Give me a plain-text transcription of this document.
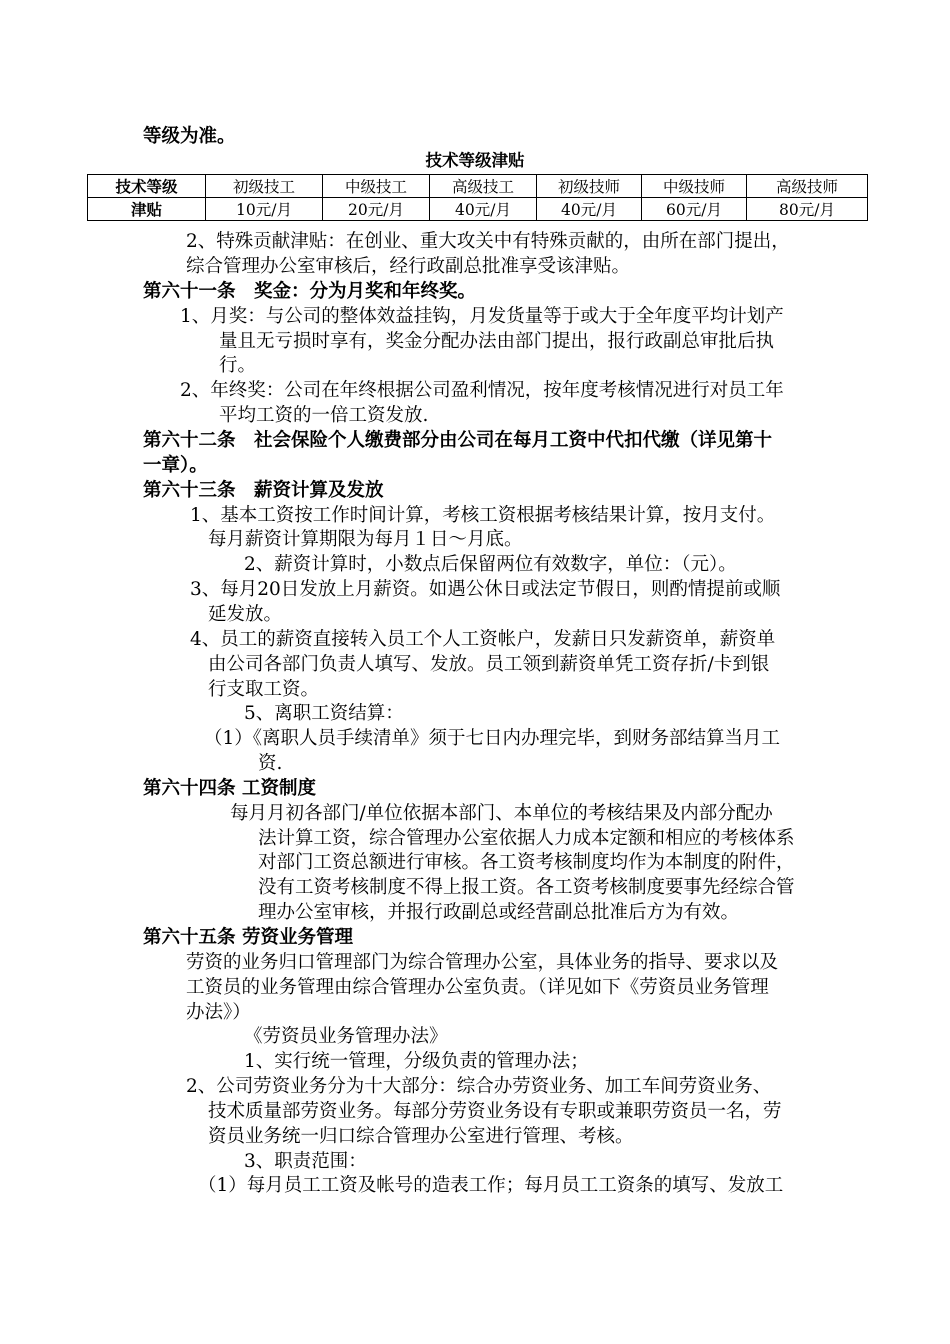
等级为准。
技术等级津贴
技术等级	初级技工	中级技工	高级技工	初级技师	中级技师	高级技师
津贴	10元/月	20元/月	40元/月	40元/月	60元/月	80元/月
2、特殊贡献津贴：在创业、重大攻关中有特殊贡献的，由所在部门提出，
综合管理办公室审核后，经行政副总批准享受该津贴。
第六十一条　奖金：分为月奖和年终奖。
1、月奖：与公司的整体效益挂钩，月发货量等于或大于全年度平均计划产
量且无亏损时享有，奖金分配办法由部门提出，报行政副总审批后执
行。
2、年终奖：公司在年终根据公司盈利情况，按年度考核情况进行对员工年
平均工资的一倍工资发放.
第六十二条　社会保险个人缴费部分由公司在每月工资中代扣代缴（详见第十
一章）。
第六十三条　薪资计算及发放
1、基本工资按工作时间计算，考核工资根据考核结果计算，按月支付。
每月薪资计算期限为每月１日～月底。
2、薪资计算时，小数点后保留两位有效数字，单位：（元）。
3、每月20日发放上月薪资。如遇公休日或法定节假日，则酌情提前或顺
延发放。
4、员工的薪资直接转入员工个人工资帐户，发薪日只发薪资单，薪资单
由公司各部门负责人填写、发放。员工领到薪资单凭工资存折/卡到银
行支取工资。
5、离职工资结算：
（1）《离职人员手续清单》须于七日内办理完毕，到财务部结算当月工
资.
第六十四条 工资制度
每月月初各部门/单位依据本部门、本单位的考核结果及内部分配办
法计算工资，综合管理办公室依据人力成本定额和相应的考核体系
对部门工资总额进行审核。各工资考核制度均作为本制度的附件，
没有工资考核制度不得上报工资。各工资考核制度要事先经综合管
理办公室审核，并报行政副总或经营副总批准后方为有效。
第六十五条 劳资业务管理
劳资的业务归口管理部门为综合管理办公室，具体业务的指导、要求以及
工资员的业务管理由综合管理办公室负责。（详见如下《劳资员业务管理
办法》）
《劳资员业务管理办法》
1、实行统一管理，分级负责的管理办法；
2、公司劳资业务分为十大部分：综合办劳资业务、加工车间劳资业务、
技术质量部劳资业务。每部分劳资业务设有专职或兼职劳资员一名，劳
资员业务统一归口综合管理办公室进行管理、考核。
3、职责范围：
（1）每月员工工资及帐号的造表工作；每月员工工资条的填写、发放工
